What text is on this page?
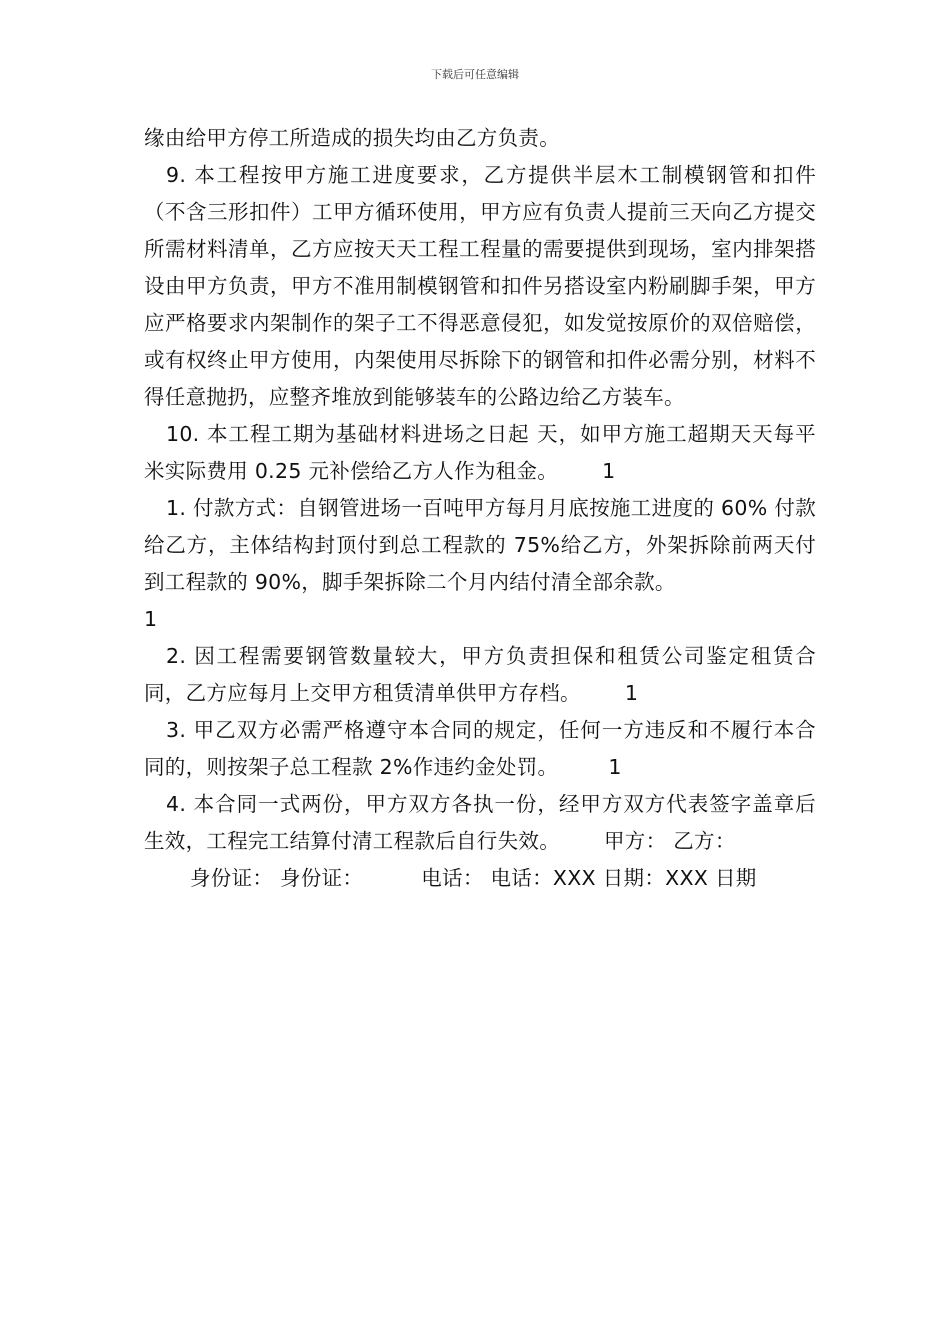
下载后可任意编辑

缘由给甲方停工所造成的损失均由乙方负责。

9. 本工程按甲方施工进度要求，乙方提供半层木工制模钢管和扣件（不含三形扣件）工甲方循环使用，甲方应有负责人提前三天向乙方提交所需材料清单，乙方应按天天工程工程量的需要提供到现场，室内排架搭设由甲方负责，甲方不准用制模钢管和扣件另搭设室内粉刷脚手架，甲方应严格要求内架制作的架子工不得恶意侵犯，如发觉按原价的双倍赔偿，或有权终止甲方使用，内架使用尽拆除下的钢管和扣件必需分别，材料不得任意抛扔，应整齐堆放到能够装车的公路边给乙方装车。

10. 本工程工期为基础材料进场之日起 天，如甲方施工超期天天每平米实际费用 0.25 元补偿给乙方人作为租金。 1

1. 付款方式：自钢管进场一百吨甲方每月月底按施工进度的 60% 付款给乙方，主体结构封顶付到总工程款的 75%给乙方，外架拆除前两天付到工程款的 90%，脚手架拆除二个月内结付清全部余款。

1

2. 因工程需要钢管数量较大，甲方负责担保和租赁公司鉴定租赁合同，乙方应每月上交甲方租赁清单供甲方存档。 1

3. 甲乙双方必需严格遵守本合同的规定，任何一方违反和不履行本合同的，则按架子总工程款 2%作违约金处罚。 1

4. 本合同一式两份，甲方双方各执一份，经甲方双方代表签字盖章后生效，工程完工结算付清工程款后自行失效。 甲方： 乙方：

身份证： 身份证：	电话： 电话：XXX 日期：XXX 日期
